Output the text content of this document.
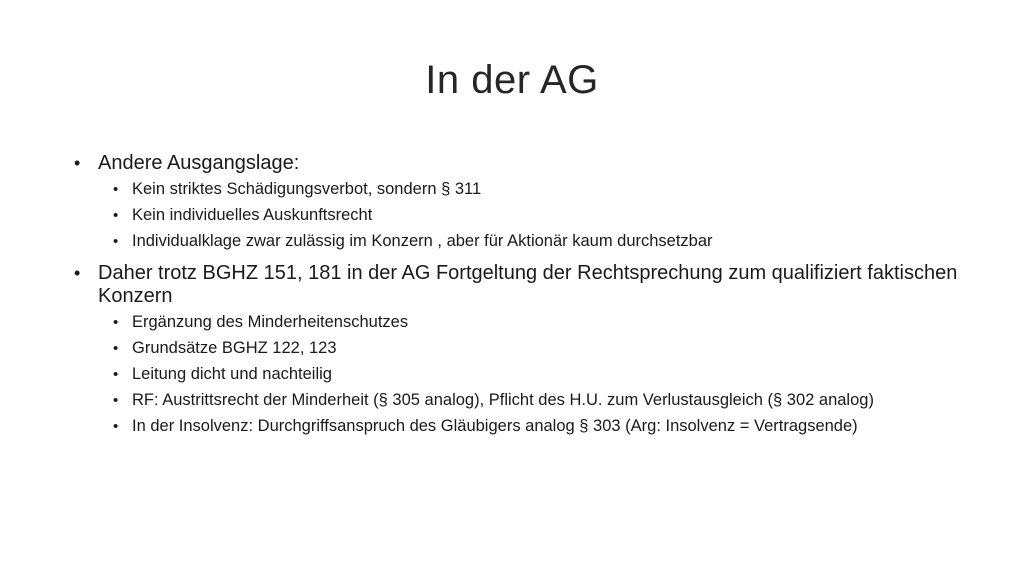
In der AG
• Andere Ausgangslage:
• Kein striktes Schädigungsverbot, sondern § 311
• Kein individuelles Auskunftsrecht
• Individualklage zwar zulässig im Konzern , aber für Aktionär kaum durchsetzbar
• Daher trotz BGHZ 151, 181 in der AG Fortgeltung der Rechtsprechung zum qualifiziert faktischen Konzern
• Ergänzung des Minderheitenschutzes
• Grundsätze BGHZ 122, 123
• Leitung dicht und nachteilig
• RF: Austrittsrecht der Minderheit (§ 305 analog), Pflicht des H.U. zum Verlustausgleich (§ 302 analog)
• In der Insolvenz: Durchgriffsanspruch des Gläubigers analog § 303 (Arg: Insolvenz = Vertragsende)
